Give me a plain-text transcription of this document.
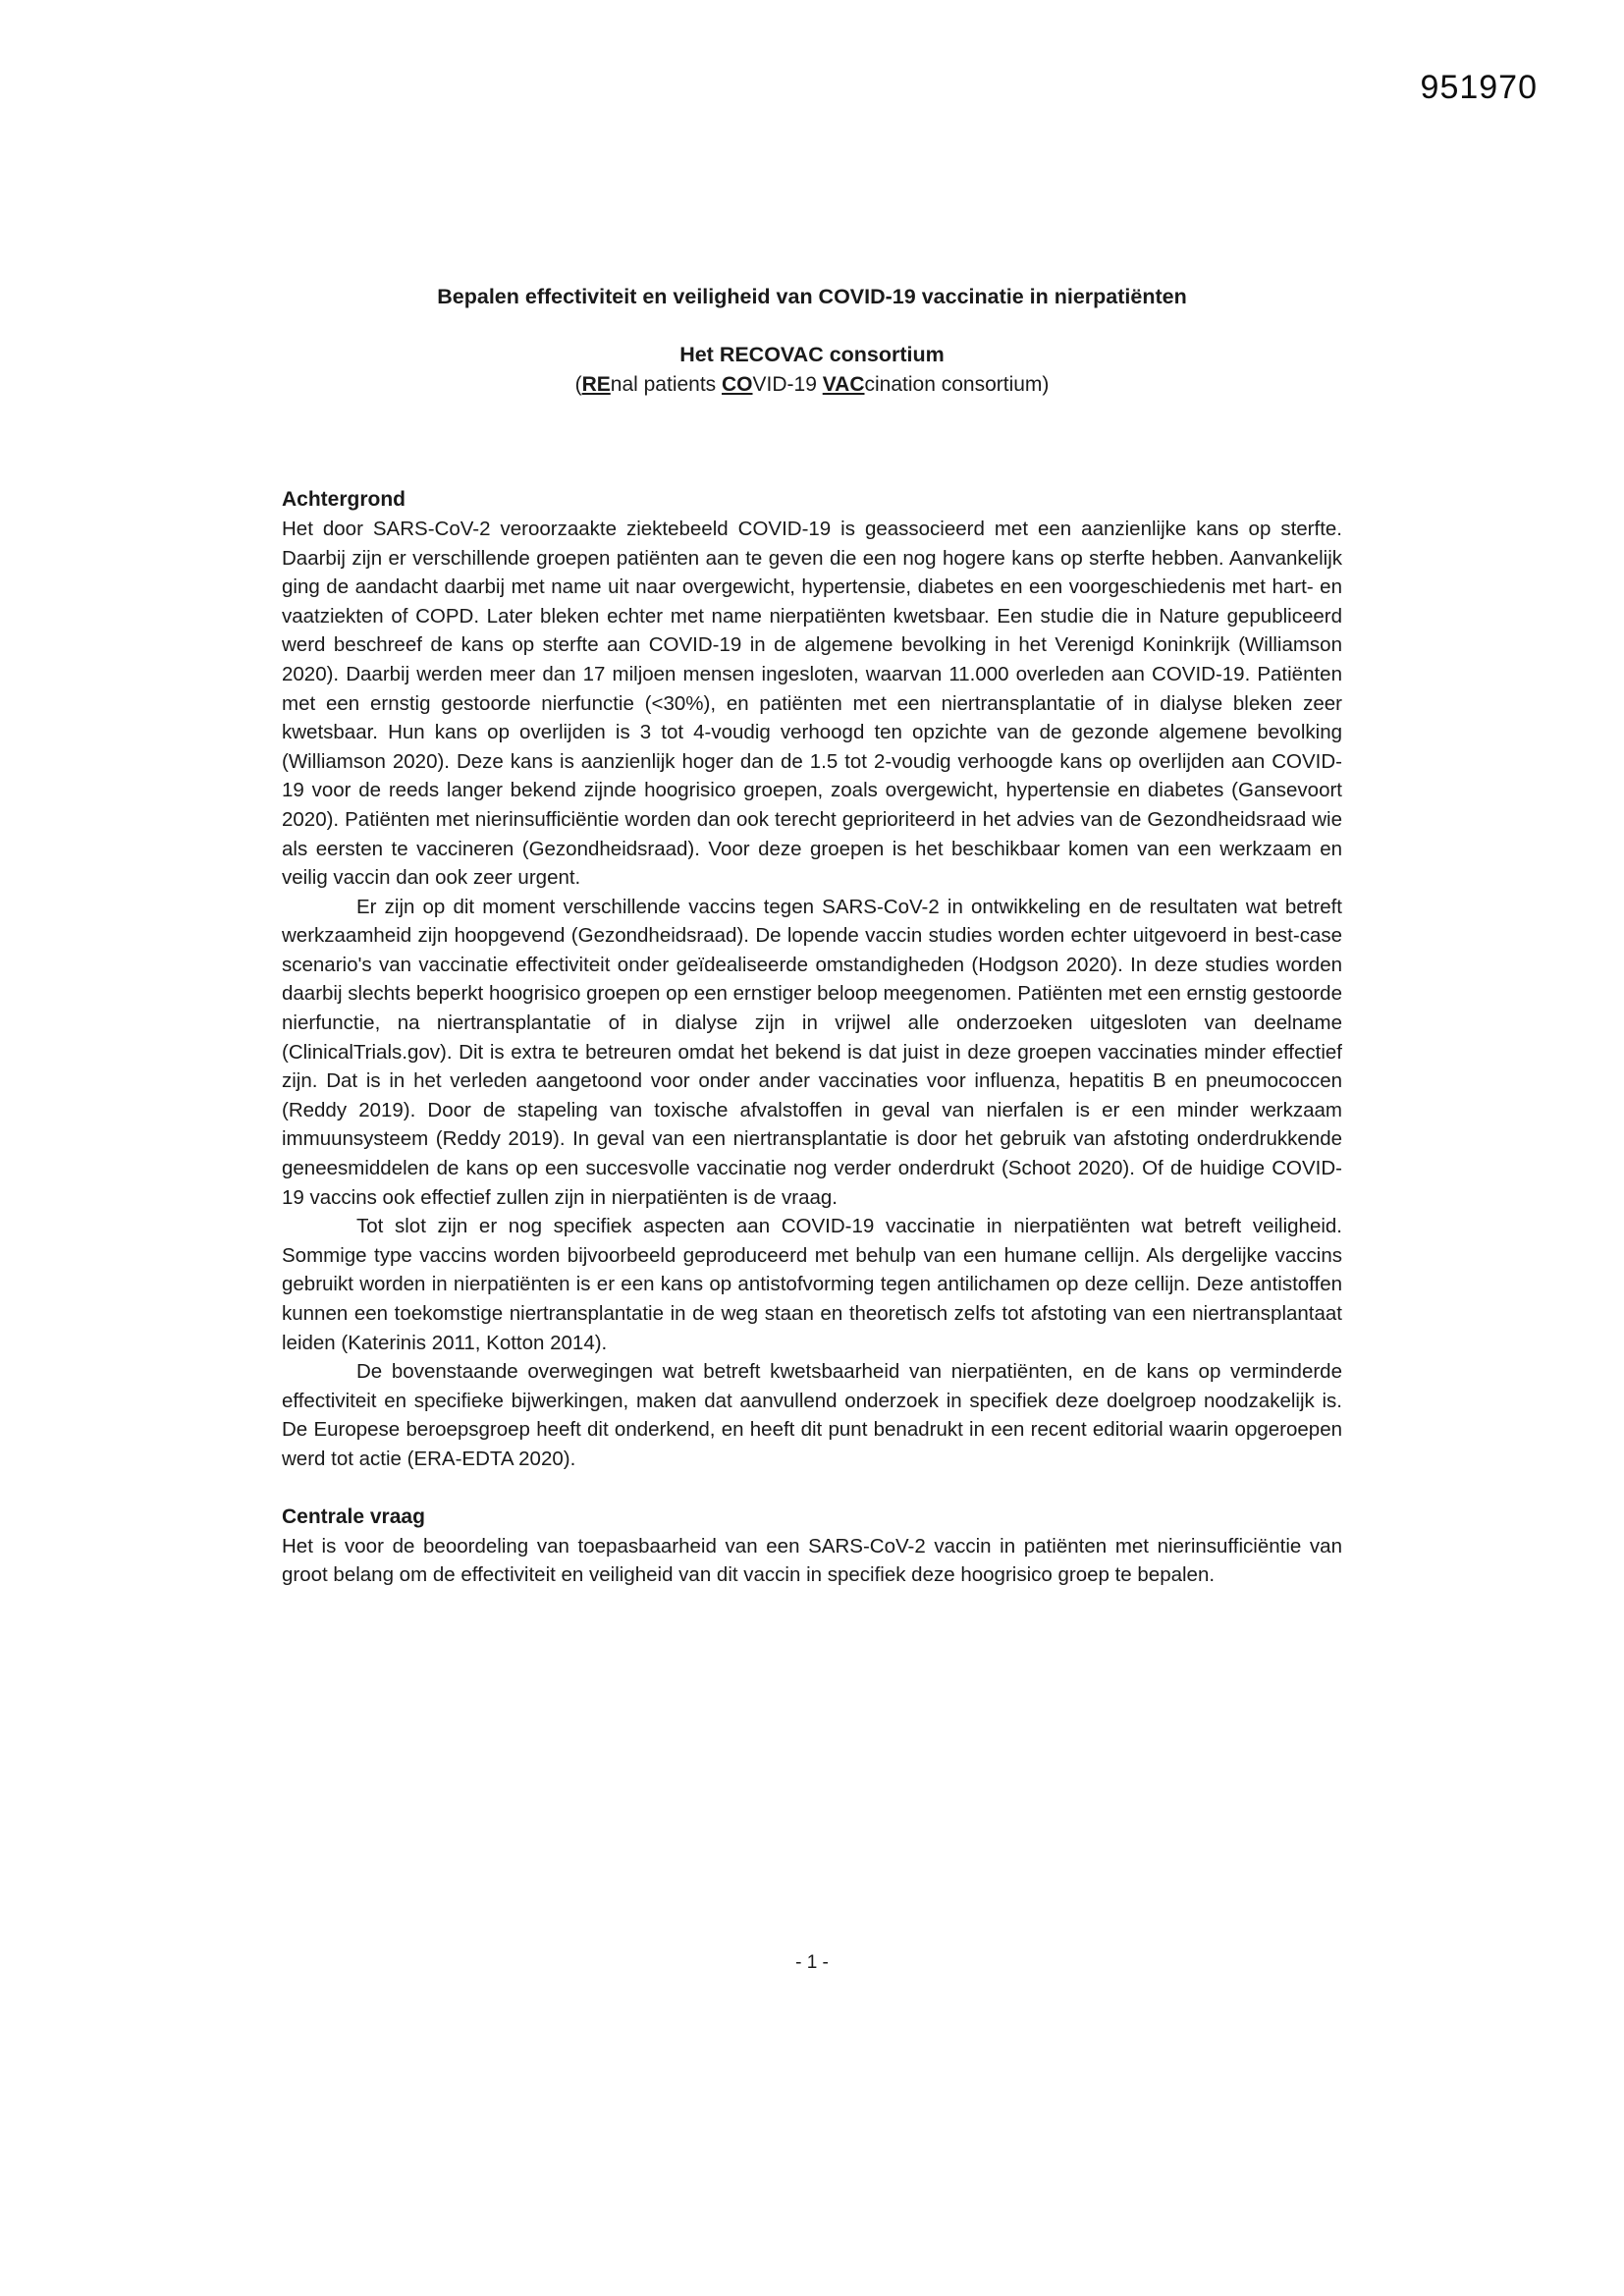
951970
Bepalen effectiviteit en veiligheid van COVID-19 vaccinatie in nierpatiënten
Het RECOVAC consortium
(REnal patients COVID-19 VACcination consortium)
Achtergrond

Het door SARS-CoV-2 veroorzaakte ziektebeeld COVID-19 is geassocieerd met een aanzienlijke kans op sterfte. Daarbij zijn er verschillende groepen patiënten aan te geven die een nog hogere kans op sterfte hebben. Aanvankelijk ging de aandacht daarbij met name uit naar overgewicht, hypertensie, diabetes en een voorgeschiedenis met hart- en vaatziekten of COPD. Later bleken echter met name nierpatiënten kwetsbaar. Een studie die in Nature gepubliceerd werd beschreef de kans op sterfte aan COVID-19 in de algemene bevolking in het Verenigd Koninkrijk (Williamson 2020). Daarbij werden meer dan 17 miljoen mensen ingesloten, waarvan 11.000 overleden aan COVID-19. Patiënten met een ernstig gestoorde nierfunctie (<30%), en patiënten met een niertransplantatie of in dialyse bleken zeer kwetsbaar. Hun kans op overlijden is 3 tot 4-voudig verhoogd ten opzichte van de gezonde algemene bevolking (Williamson 2020). Deze kans is aanzienlijk hoger dan de 1.5 tot 2-voudig verhoogde kans op overlijden aan COVID-19 voor de reeds langer bekend zijnde hoogrisico groepen, zoals overgewicht, hypertensie en diabetes (Gansevoort 2020). Patiënten met nierinsufficiëntie worden dan ook terecht geprioriteerd in het advies van de Gezondheidsraad wie als eersten te vaccineren (Gezondheidsraad). Voor deze groepen is het beschikbaar komen van een werkzaam en veilig vaccin dan ook zeer urgent.

Er zijn op dit moment verschillende vaccins tegen SARS-CoV-2 in ontwikkeling en de resultaten wat betreft werkzaamheid zijn hoopgevend (Gezondheidsraad). De lopende vaccin studies worden echter uitgevoerd in best-case scenario's van vaccinatie effectiviteit onder geïdealiseerde omstandigheden (Hodgson 2020). In deze studies worden daarbij slechts beperkt hoogrisico groepen op een ernstiger beloop meegenomen. Patiënten met een ernstig gestoorde nierfunctie, na niertransplantatie of in dialyse zijn in vrijwel alle onderzoeken uitgesloten van deelname (ClinicalTrials.gov). Dit is extra te betreuren omdat het bekend is dat juist in deze groepen vaccinaties minder effectief zijn. Dat is in het verleden aangetoond voor onder ander vaccinaties voor influenza, hepatitis B en pneumococcen (Reddy 2019). Door de stapeling van toxische afvalstoffen in geval van nierfalen is er een minder werkzaam immuunsysteem (Reddy 2019). In geval van een niertransplantatie is door het gebruik van afstoting onderdrukkende geneesmiddelen de kans op een succesvolle vaccinatie nog verder onderdrukt (Schoot 2020). Of de huidige COVID-19 vaccins ook effectief zullen zijn in nierpatiënten is de vraag.

Tot slot zijn er nog specifiek aspecten aan COVID-19 vaccinatie in nierpatiënten wat betreft veiligheid. Sommige type vaccins worden bijvoorbeeld geproduceerd met behulp van een humane cellijn. Als dergelijke vaccins gebruikt worden in nierpatiënten is er een kans op antistofvorming tegen antilichamen op deze cellijn. Deze antistoffen kunnen een toekomstige niertransplantatie in de weg staan en theoretisch zelfs tot afstoting van een niertransplantaat leiden (Katerinis 2011, Kotton 2014).

De bovenstaande overwegingen wat betreft kwetsbaarheid van nierpatiënten, en de kans op verminderde effectiviteit en specifieke bijwerkingen, maken dat aanvullend onderzoek in specifiek deze doelgroep noodzakelijk is. De Europese beroepsgroep heeft dit onderkend, en heeft dit punt benadrukt in een recent editorial waarin opgeroepen werd tot actie (ERA-EDTA 2020).

Centrale vraag

Het is voor de beoordeling van toepasbaarheid van een SARS-CoV-2 vaccin in patiënten met nierinsufficiëntie van groot belang om de effectiviteit en veiligheid van dit vaccin in specifiek deze hoogrisico groep te bepalen.

- 1 -
